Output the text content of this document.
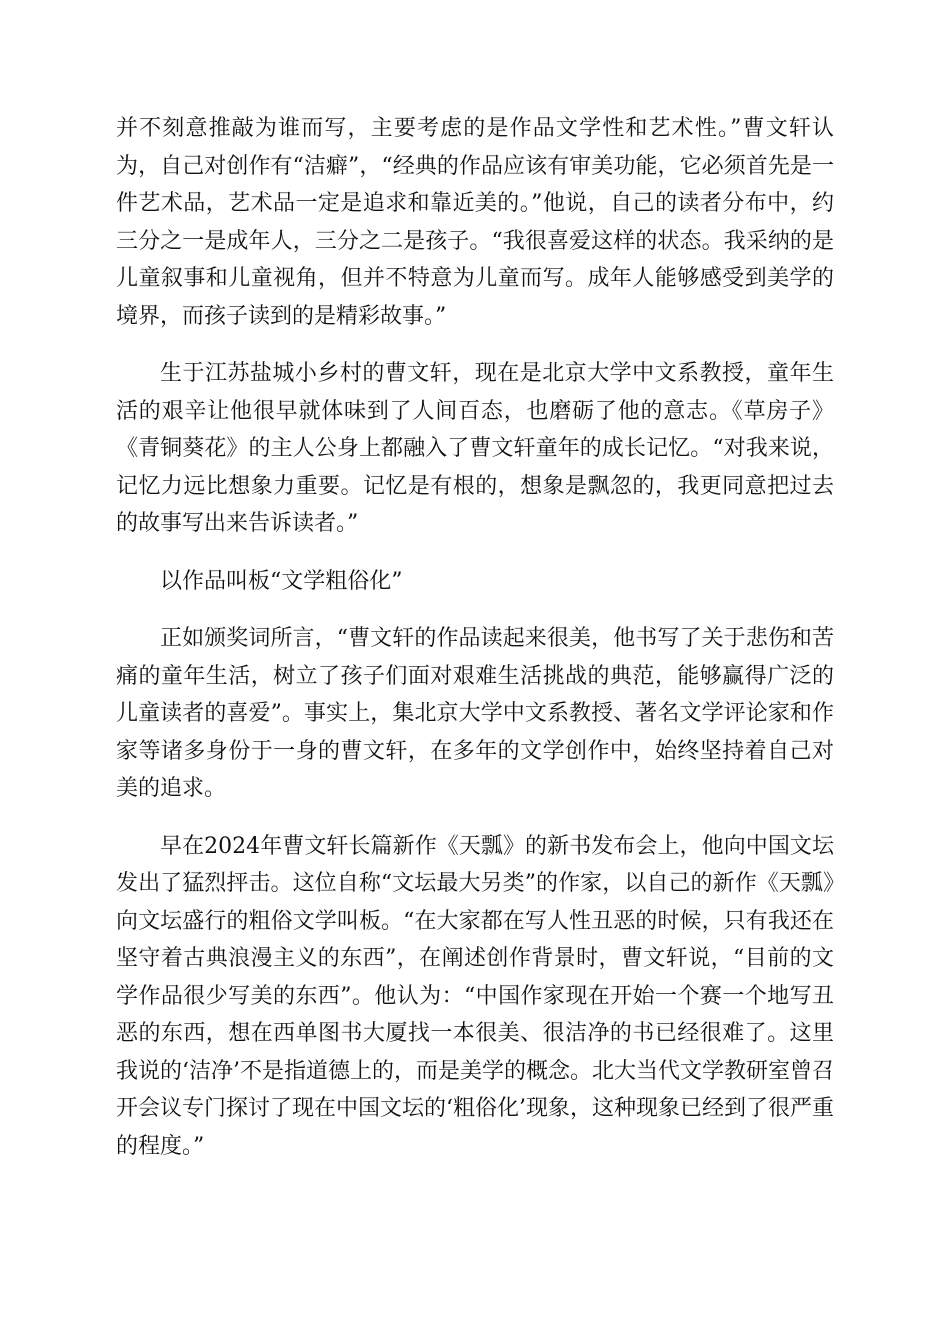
并不刻意推敲为谁而写，主要考虑的是作品文学性和艺术性。”曹文轩认为，自己对创作有“洁癖”，“经典的作品应该有审美功能，它必须首先是一件艺术品，艺术品一定是追求和靠近美的。”他说，自己的读者分布中，约三分之一是成年人，三分之二是孩子。“我很喜爱这样的状态。我采纳的是儿童叙事和儿童视角，但并不特意为儿童而写。成年人能够感受到美学的境界，而孩子读到的是精彩故事。”

生于江苏盐城小乡村的曹文轩，现在是北京大学中文系教授，童年生活的艰辛让他很早就体味到了人间百态，也磨砺了他的意志。《草房子》《青铜葵花》的主人公身上都融入了曹文轩童年的成长记忆。“对我来说，记忆力远比想象力重要。记忆是有根的，想象是飘忽的，我更同意把过去的故事写出来告诉读者。”

以作品叫板“文学粗俗化”

正如颁奖词所言，“曹文轩的作品读起来很美，他书写了关于悲伤和苦痛的童年生活，树立了孩子们面对艰难生活挑战的典范，能够赢得广泛的儿童读者的喜爱”。事实上，集北京大学中文系教授、著名文学评论家和作家等诸多身份于一身的曹文轩，在多年的文学创作中，始终坚持着自己对美的追求。

早在2024年曹文轩长篇新作《天瓢》的新书发布会上，他向中国文坛发出了猛烈抨击。这位自称“文坛最大另类”的作家，以自己的新作《天瓢》向文坛盛行的粗俗文学叫板。“在大家都在写人性丑恶的时候，只有我还在坚守着古典浪漫主义的东西”，在阐述创作背景时，曹文轩说，“目前的文学作品很少写美的东西”。他认为：“中国作家现在开始一个赛一个地写丑恶的东西，想在西单图书大厦找一本很美、很洁净的书已经很难了。这里我说的‘洁净’不是指道德上的，而是美学的概念。北大当代文学教研室曾召开会议专门探讨了现在中国文坛的‘粗俗化’现象，这种现象已经到了很严重的程度。”
